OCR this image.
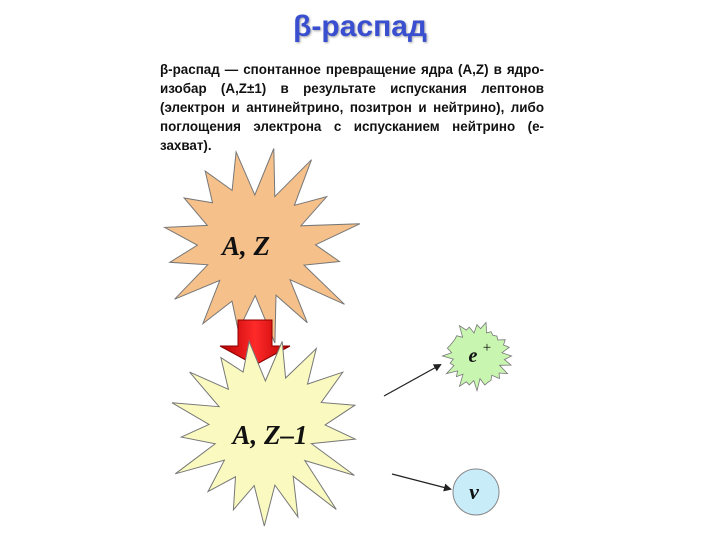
β-распад

β-распад — спонтанное превращение ядра (A,Z) в ядро-изобар (A,Z±1) в результате испускания лептонов (электрон и антинейтрино, позитрон и нейтрино), либо поглощения электрона с испусканием нейтрино (е-захват).

A, Z
A, Z–1
e +
ν
